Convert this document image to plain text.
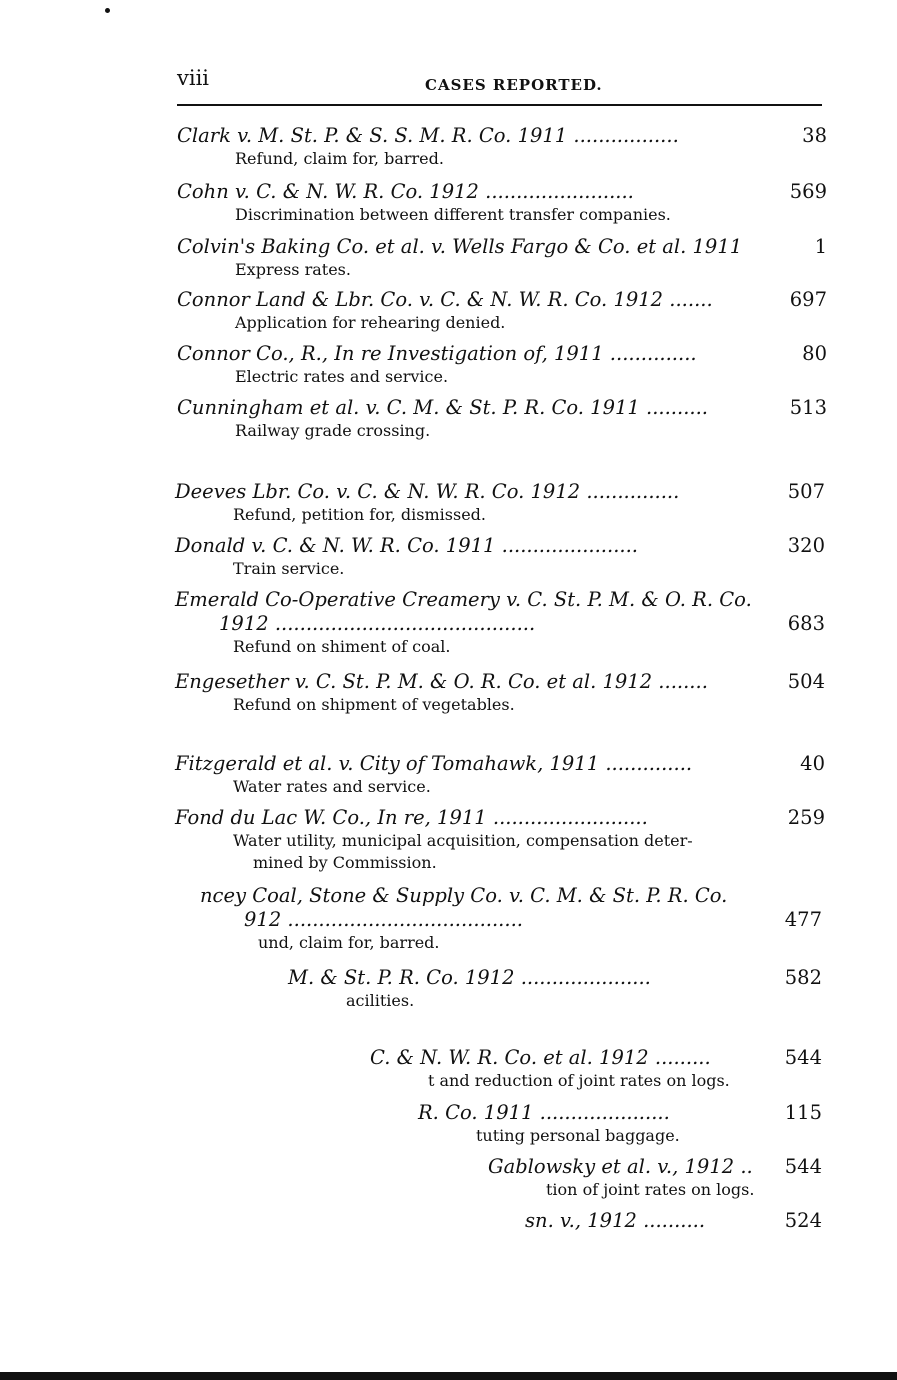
viii	CASES REPORTED.
Clark v. M. St. P. & S. S. M. R. Co. 1911 .................	38
Refund, claim for, barred.
Cohn v. C. & N. W. R. Co. 1912 ........................	569
Discrimination between different transfer companies.
Colvin's Baking Co. et al. v. Wells Fargo & Co. et al. 1911	1
Express rates.
Connor Land & Lbr. Co. v. C. & N. W. R. Co. 1912 .......	697
Application for rehearing denied.
Connor Co., R., In re Investigation of, 1911 ..............	80
Electric rates and service.
Cunningham et al. v. C. M. & St. P. R. Co. 1911 ..........	513
Railway grade crossing.
Deeves Lbr. Co. v. C. & N. W. R. Co. 1912 ...............	507
Refund, petition for, dismissed.
Donald v. C. & N. W. R. Co. 1911 ......................	320
Train service.
Emerald Co-Operative Creamery v. C. St. P. M. & O. R. Co.
1912 ..........................................	683
Refund on shiment of coal.
Engesether v. C. St. P. M. & O. R. Co. et al. 1912 ........	504
Refund on shipment of vegetables.
Fitzgerald et al. v. City of Tomahawk, 1911 ..............	40
Water rates and service.
Fond du Lac W. Co., In re, 1911 .........................	259
Water utility, municipal acquisition, compensation deter-
mined by Commission.
ncey Coal, Stone & Supply Co. v. C. M. & St. P. R. Co.
912 ......................................	477
und, claim for, barred.
M. & St. P. R. Co. 1912 .....................	582
acilities.
C. & N. W. R. Co. et al. 1912 .........	544
t and reduction of joint rates on logs.
R. Co. 1911 .....................	115
tuting personal baggage.
Gablowsky et al. v., 1912 .. 544
tion of joint rates on logs.
sn. v., 1912 ..........	524
